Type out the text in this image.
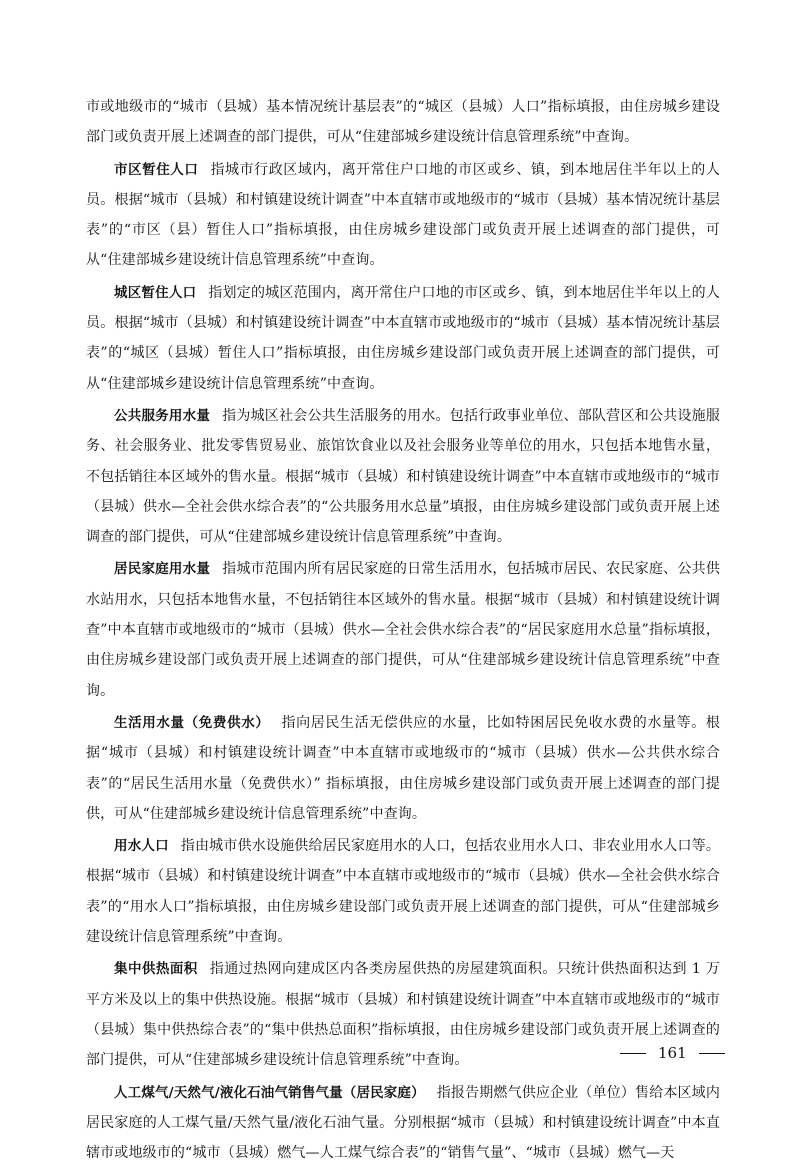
市或地级市的“城市（县城）基本情况统计基层表”的“城区（县城）人口”指标填报，由住房城乡建设部门或负责开展上述调查的部门提供，可从“住建部城乡建设统计信息管理系统”中查询。

市区暂住人口 指城市行政区域内，离开常住户口地的市区或乡、镇，到本地居住半年以上的人员。根据“城市（县城）和村镇建设统计调查”中本直辖市或地级市的“城市（县城）基本情况统计基层表”的“市区（县）暂住人口”指标填报，由住房城乡建设部门或负责开展上述调查的部门提供，可从“住建部城乡建设统计信息管理系统”中查询。

城区暂住人口 指划定的城区范围内，离开常住户口地的市区或乡、镇，到本地居住半年以上的人员。根据“城市（县城）和村镇建设统计调查”中本直辖市或地级市的“城市（县城）基本情况统计基层表”的“城区（县城）暂住人口”指标填报，由住房城乡建设部门或负责开展上述调查的部门提供，可从“住建部城乡建设统计信息管理系统”中查询。

公共服务用水量 指为城区社会公共生活服务的用水。包括行政事业单位、部队营区和公共设施服务、社会服务业、批发零售贸易业、旅馆饮食业以及社会服务业等单位的用水，只包括本地售水量，不包括销往本区域外的售水量。根据“城市（县城）和村镇建设统计调查”中本直辖市或地级市的“城市（县城）供水—全社会供水综合表”的“公共服务用水总量”填报，由住房城乡建设部门或负责开展上述调查的部门提供，可从“住建部城乡建设统计信息管理系统”中查询。

居民家庭用水量 指城市范围内所有居民家庭的日常生活用水，包括城市居民、农民家庭、公共供水站用水，只包括本地售水量，不包括销往本区域外的售水量。根据“城市（县城）和村镇建设统计调查”中本直辖市或地级市的“城市（县城）供水—全社会供水综合表”的“居民家庭用水总量”指标填报，由住房城乡建设部门或负责开展上述调查的部门提供，可从“住建部城乡建设统计信息管理系统”中查询。

生活用水量（免费供水） 指向居民生活无偿供应的水量，比如特困居民免收水费的水量等。根据“城市（县城）和村镇建设统计调查”中本直辖市或地级市的“城市（县城）供水—公共供水综合表”的“居民生活用水量（免费供水）” 指标填报，由住房城乡建设部门或负责开展上述调查的部门提供，可从“住建部城乡建设统计信息管理系统”中查询。

用水人口 指由城市供水设施供给居民家庭用水的人口，包括农业用水人口、非农业用水人口等。根据“城市（县城）和村镇建设统计调查”中本直辖市或地级市的“城市（县城）供水—全社会供水综合表”的“用水人口”指标填报，由住房城乡建设部门或负责开展上述调查的部门提供，可从“住建部城乡建设统计信息管理系统”中查询。

集中供热面积 指通过热网向建成区内各类房屋供热的房屋建筑面积。只统计供热面积达到 1 万平方米及以上的集中供热设施。根据“城市（县城）和村镇建设统计调查”中本直辖市或地级市的“城市（县城）集中供热综合表”的“集中供热总面积”指标填报，由住房城乡建设部门或负责开展上述调查的部门提供，可从“住建部城乡建设统计信息管理系统”中查询。

人工煤气/天然气/液化石油气销售气量（居民家庭） 指报告期燃气供应企业（单位）售给本区域内居民家庭的人工煤气量/天然气量/液化石油气量。分别根据“城市（县城）和村镇建设统计调查”中本直辖市或地级市的“城市（县城）燃气—人工煤气综合表”的“销售气量”、“城市（县城）燃气—天

161
